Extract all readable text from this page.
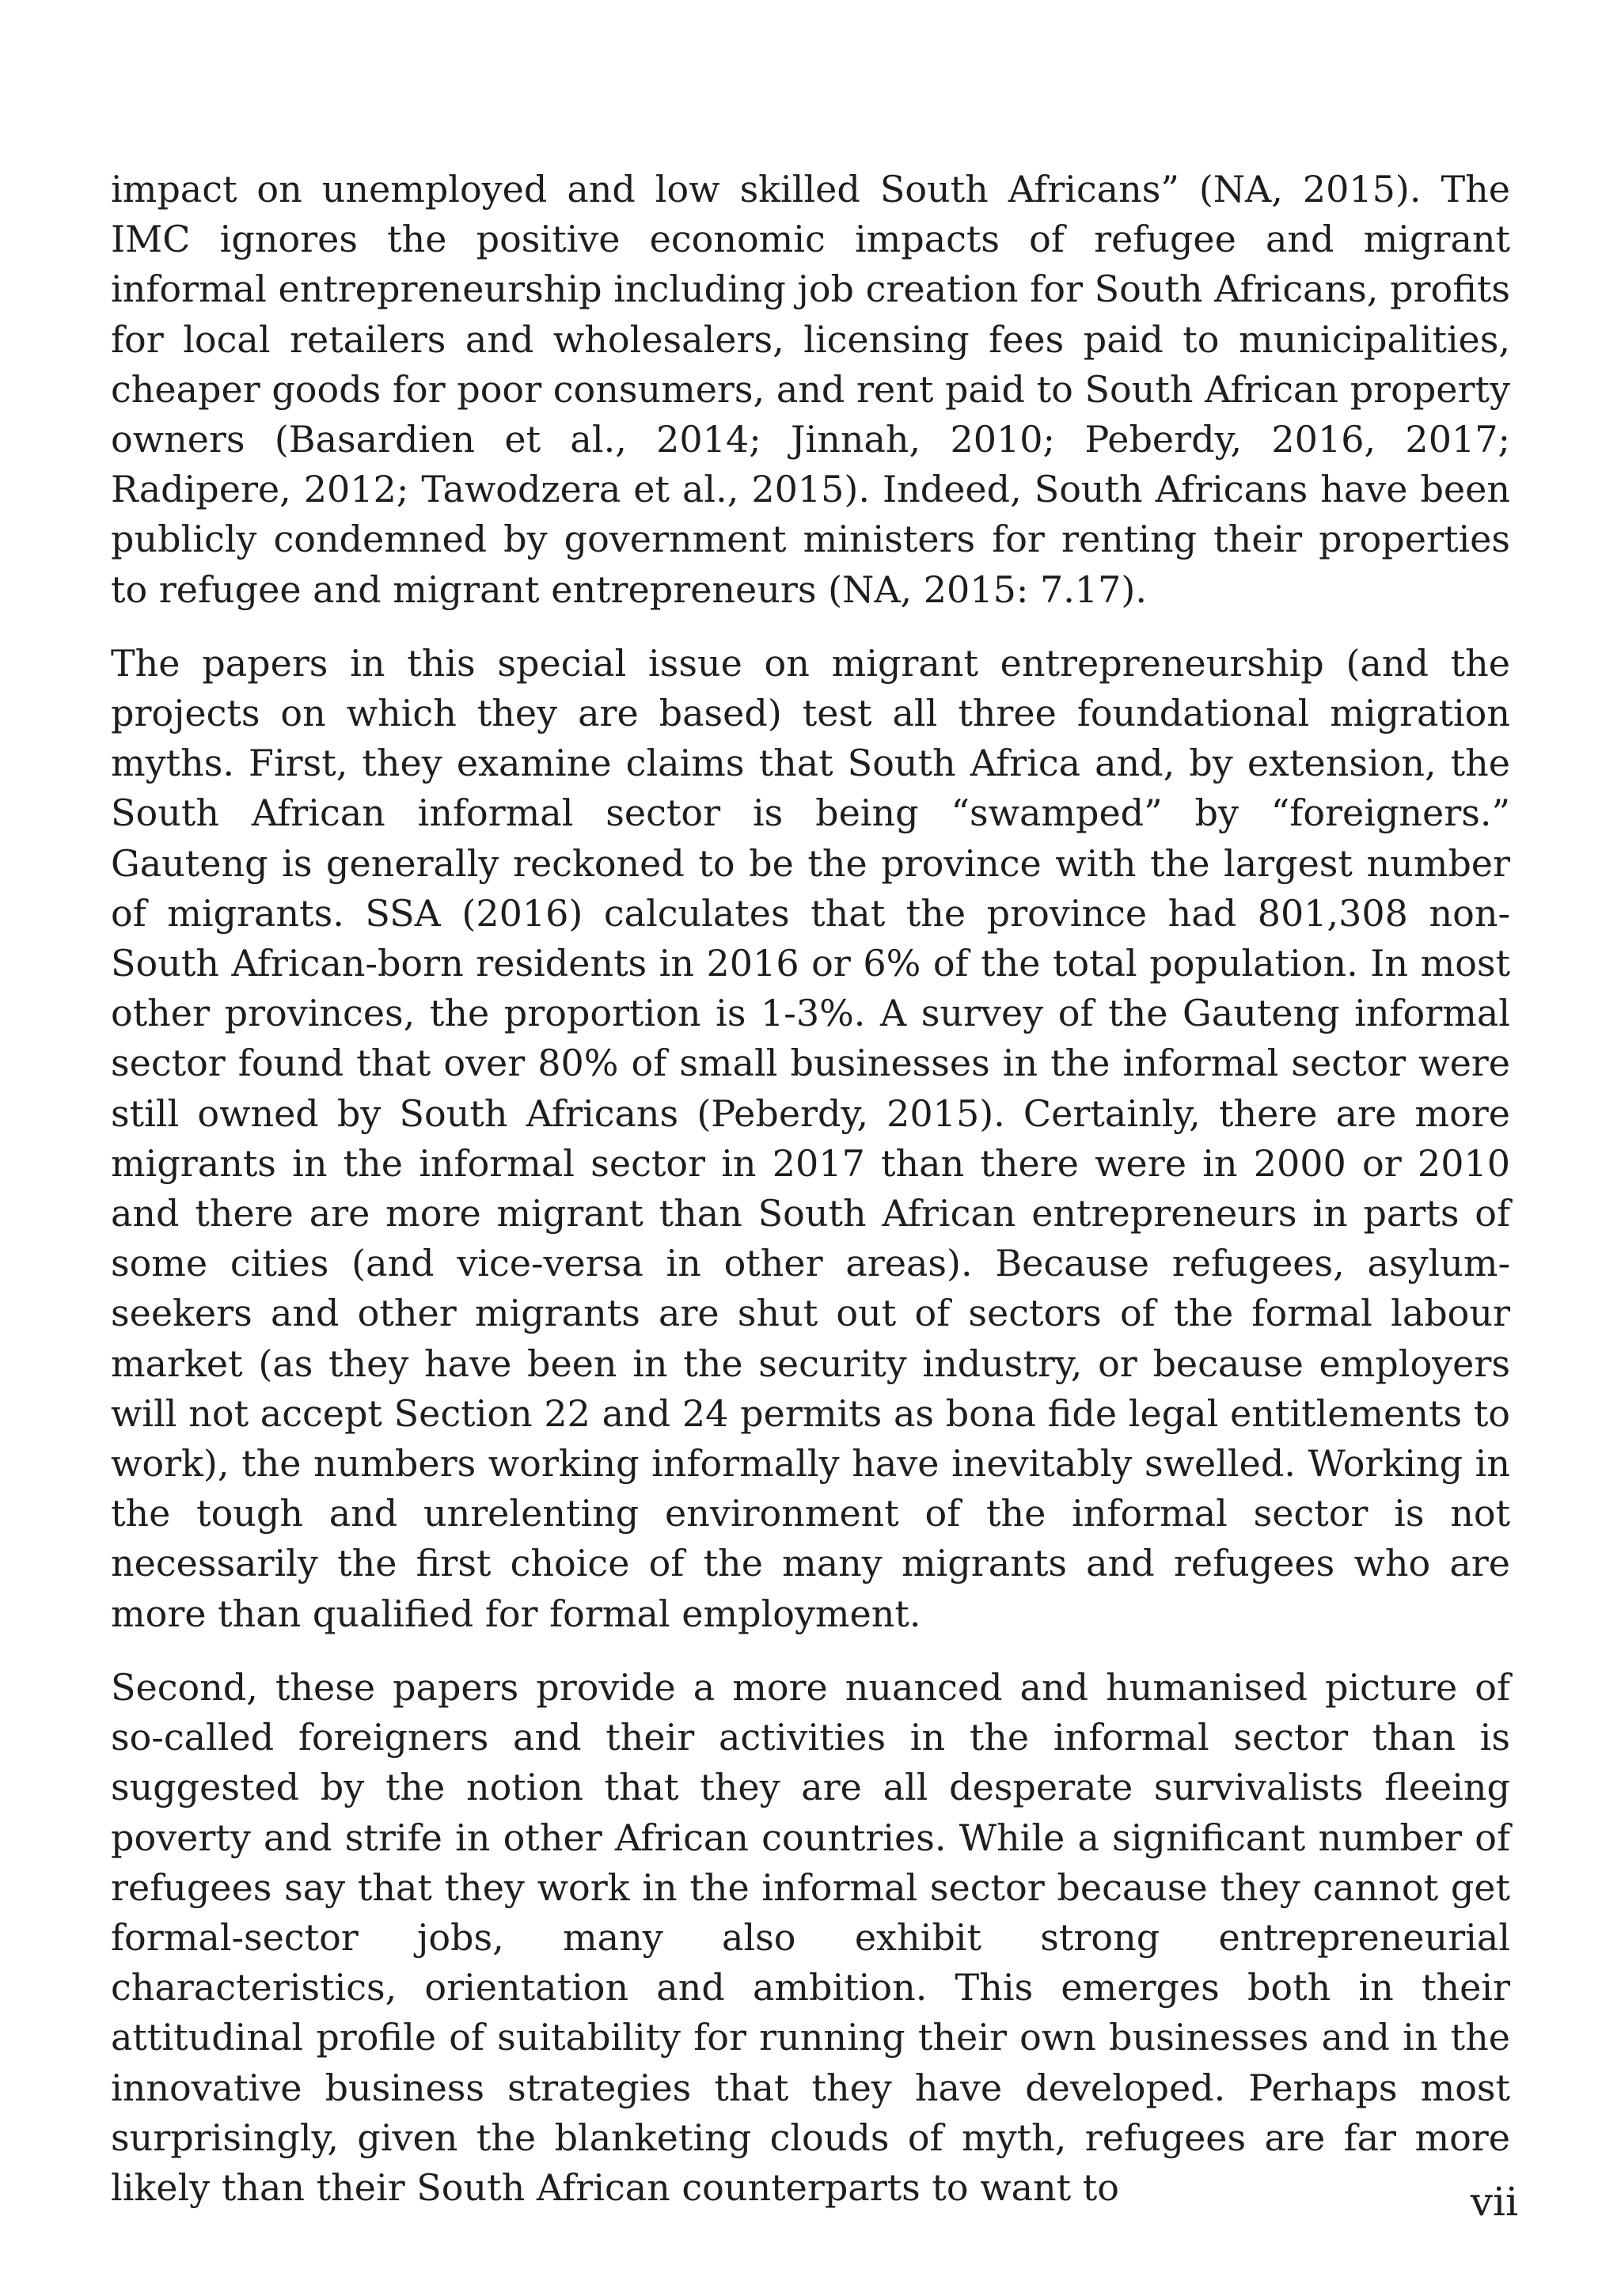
impact on unemployed and low skilled South Africans” (NA, 2015). The IMC ignores the positive economic impacts of refugee and migrant informal entrepreneurship including job creation for South Africans, profits for local retailers and wholesalers, licensing fees paid to municipalities, cheaper goods for poor consumers, and rent paid to South African property owners (Basardien et al., 2014; Jinnah, 2010; Peberdy, 2016, 2017; Radipere, 2012; Tawodzera et al., 2015). Indeed, South Africans have been publicly condemned by government ministers for renting their properties to refugee and migrant entrepreneurs (NA, 2015: 7.17).

The papers in this special issue on migrant entrepreneurship (and the projects on which they are based) test all three foundational migration myths. First, they examine claims that South Africa and, by extension, the South African informal sector is being “swamped” by “foreigners.” Gauteng is generally reckoned to be the province with the largest number of migrants. SSA (2016) calculates that the province had 801,308 non-South African-born residents in 2016 or 6% of the total population. In most other provinces, the proportion is 1-3%. A survey of the Gauteng informal sector found that over 80% of small businesses in the informal sector were still owned by South Africans (Peberdy, 2015). Certainly, there are more migrants in the informal sector in 2017 than there were in 2000 or 2010 and there are more migrant than South African entrepreneurs in parts of some cities (and vice-versa in other areas). Because refugees, asylum-seekers and other migrants are shut out of sectors of the formal labour market (as they have been in the security industry, or because employers will not accept Section 22 and 24 permits as bona fide legal entitlements to work), the numbers working informally have inevitably swelled. Working in the tough and unrelenting environment of the informal sector is not necessarily the first choice of the many migrants and refugees who are more than qualified for formal employment.

Second, these papers provide a more nuanced and humanised picture of so-called foreigners and their activities in the informal sector than is suggested by the notion that they are all desperate survivalists fleeing poverty and strife in other African countries. While a significant number of refugees say that they work in the informal sector because they cannot get formal-sector jobs, many also exhibit strong entrepreneurial characteristics, orientation and ambition. This emerges both in their attitudinal profile of suitability for running their own businesses and in the innovative business strategies that they have developed. Perhaps most surprisingly, given the blanketing clouds of myth, refugees are far more likely than their South African counterparts to want to	vii
